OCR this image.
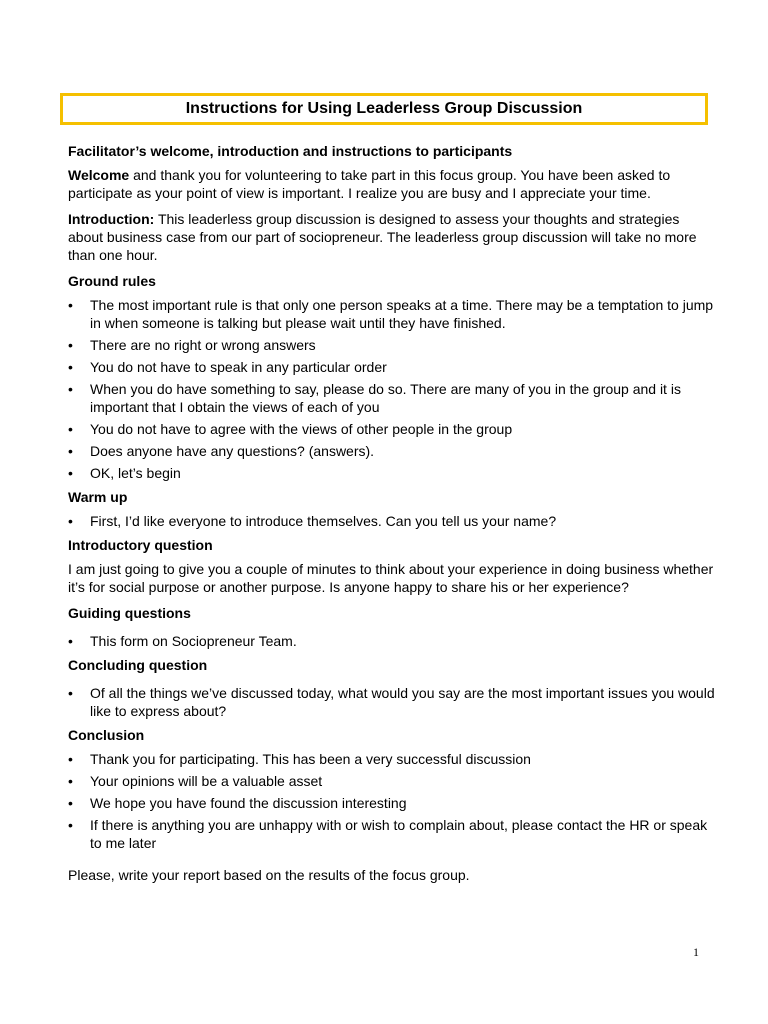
Instructions for Using Leaderless Group Discussion
Facilitator’s welcome, introduction and instructions to participants

Welcome and thank you for volunteering to take part in this focus group. You have been asked to participate as your point of view is important. I realize you are busy and I appreciate your time.

Introduction: This leaderless group discussion is designed to assess your thoughts and strategies about business case from our part of sociopreneur. The leaderless group discussion will take no more than one hour.

Ground rules
•	The most important rule is that only one person speaks at a time. There may be a temptation to jump in when someone is talking but please wait until they have finished.
•	There are no right or wrong answers
•	You do not have to speak in any particular order
•	When you do have something to say, please do so. There are many of you in the group and it is important that I obtain the views of each of you
•	You do not have to agree with the views of other people in the group
•	Does anyone have any questions? (answers).
•	OK, let’s begin
Warm up
•	First, I’d like everyone to introduce themselves. Can you tell us your name?
Introductory question

I am just going to give you a couple of minutes to think about your experience in doing business whether it’s for social purpose or another purpose. Is anyone happy to share his or her experience?

Guiding questions
•	This form on Sociopreneur Team.
Concluding question
•	Of all the things we’ve discussed today, what would you say are the most important issues you would like to express about?
Conclusion
•	Thank you for participating. This has been a very successful discussion
•	Your opinions will be a valuable asset
•	We hope you have found the discussion interesting
•	If there is anything you are unhappy with or wish to complain about, please contact the HR or speak to me later

Please, write your report based on the results of the focus group.

1
